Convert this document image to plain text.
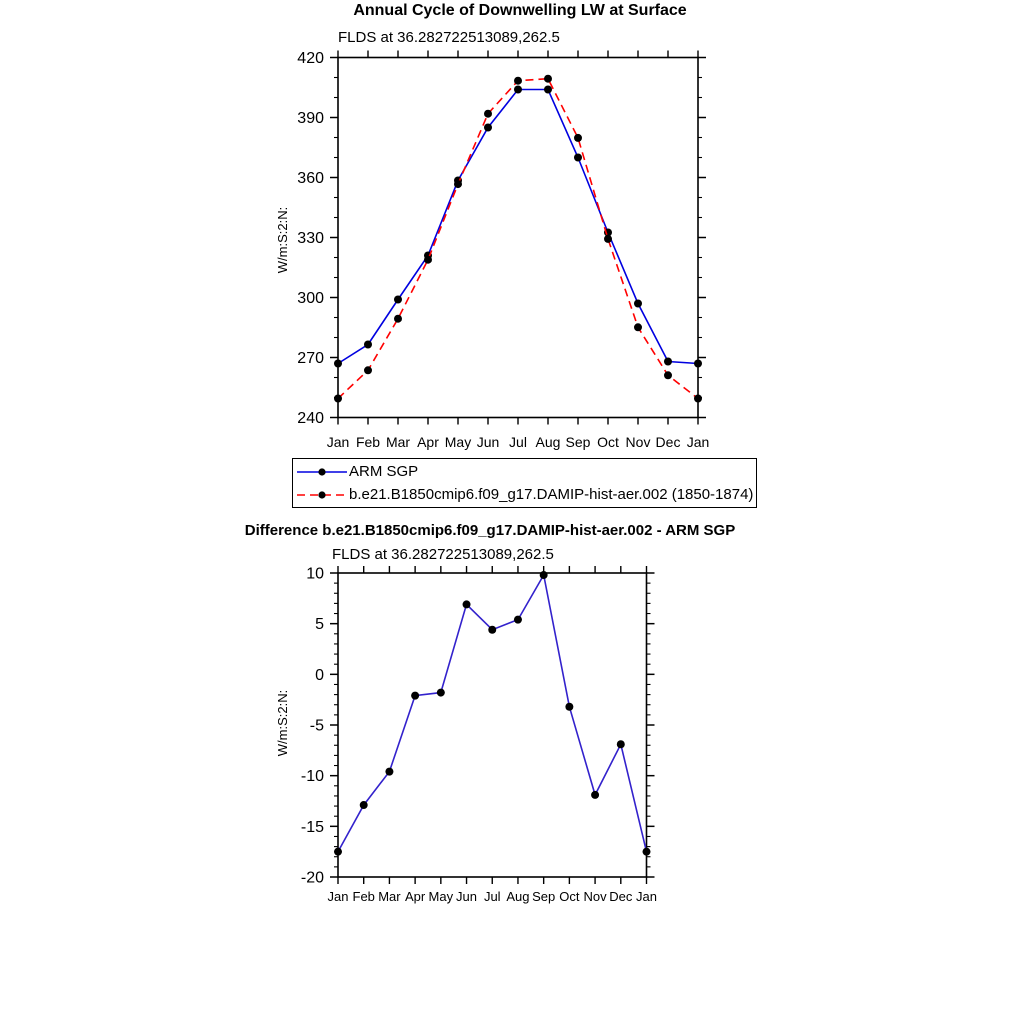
Jan Feb Mar Apr May Jun Jul Aug Sep Oct Nov Dec Jan
240
270
300
330
360
390
420
Jan Feb Mar Apr May Jun Jul Aug Sep Oct Nov Dec Jan
-20
-15
-10
-5
0
5
10
Annual Cycle of Downwelling LW at Surface
FLDS at 36.282722513089,262.5
W/m:S:2:N:
ARM SGP
b.e21.B1850cmip6.f09_g17.DAMIP-hist-aer.002 (1850-1874)
Difference b.e21.B1850cmip6.f09_g17.DAMIP-hist-aer.002 - ARM SGP
FLDS at 36.282722513089,262.5
W/m:S:2:N:
